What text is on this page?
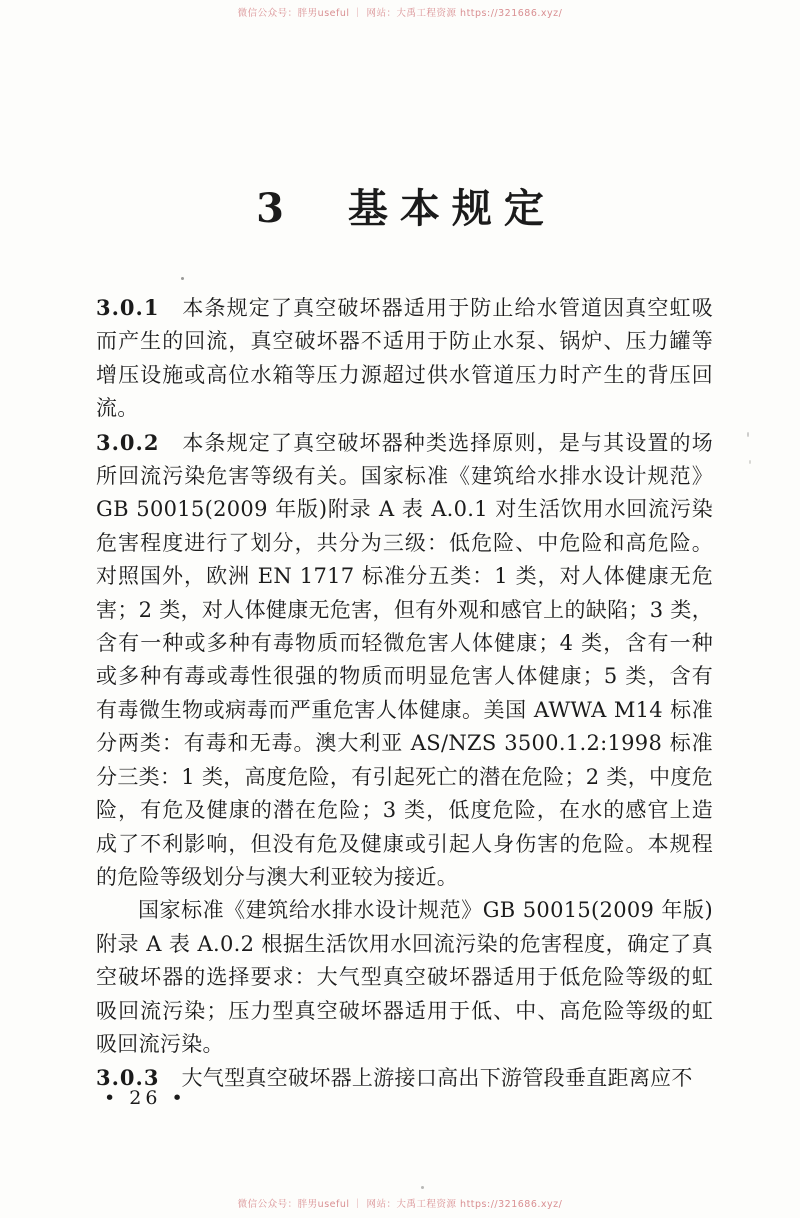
微信公众号：胖男useful ｜ 网站：大禹工程资源 https://321686.xyz/
3　基本规定

3.0.1 本条规定了真空破坏器适用于防止给水管道因真空虹吸而产生的回流，真空破坏器不适用于防止水泵、锅炉、压力罐等增压设施或高位水箱等压力源超过供水管道压力时产生的背压回流。

3.0.2 本条规定了真空破坏器种类选择原则，是与其设置的场所回流污染危害等级有关。国家标准《建筑给水排水设计规范》GB 50015(2009 年版)附录 A 表 A.0.1 对生活饮用水回流污染危害程度进行了划分，共分为三级：低危险、中危险和高危险。对照国外，欧洲 EN 1717 标准分五类：1 类，对人体健康无危害；2 类，对人体健康无危害，但有外观和感官上的缺陷；3 类，含有一种或多种有毒物质而轻微危害人体健康；4 类，含有一种或多种有毒或毒性很强的物质而明显危害人体健康；5 类，含有有毒微生物或病毒而严重危害人体健康。美国 AWWA M14 标准分两类：有毒和无毒。澳大利亚 AS/NZS 3500.1.2:1998 标准分三类：1 类，高度危险，有引起死亡的潜在危险；2 类，中度危险，有危及健康的潜在危险；3 类，低度危险，在水的感官上造成了不利影响，但没有危及健康或引起人身伤害的危险。本规程的危险等级划分与澳大利亚较为接近。

国家标准《建筑给水排水设计规范》GB 50015(2009 年版)附录 A 表 A.0.2 根据生活饮用水回流污染的危害程度，确定了真空破坏器的选择要求：大气型真空破坏器适用于低危险等级的虹吸回流污染；压力型真空破坏器适用于低、中、高危险等级的虹吸回流污染。

3.0.3 大气型真空破坏器上游接口高出下游管段垂直距离应不

• 26 •
微信公众号：胖男useful ｜ 网站：大禹工程资源 https://321686.xyz/
